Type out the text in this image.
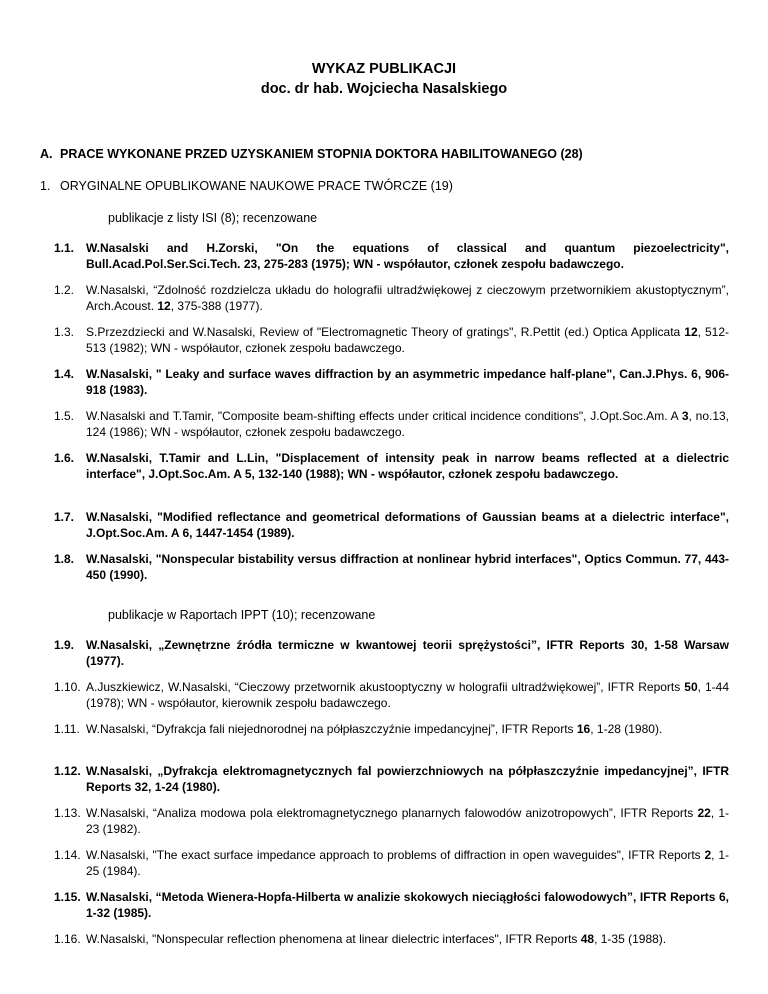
WYKAZ PUBLIKACJI
doc. dr hab. Wojciecha Nasalskiego
A. PRACE WYKONANE PRZED UZYSKANIEM STOPNIA DOKTORA HABILITOWANEGO (28)
1. ORYGINALNE OPUBLIKOWANE NAUKOWE PRACE TWÓRCZE (19)
publikacje z listy ISI (8); recenzowane
1.1. W.Nasalski and H.Zorski, "On the equations of classical and quantum piezoelectricity", Bull.Acad.Pol.Ser.Sci.Tech. 23, 275-283 (1975); WN - współautor, członek zespołu badawczego.
1.2. W.Nasalski, “Zdolność rozdzielcza układu do holografii ultradźwiękowej z cieczowym przetwornikiem akustoptycznym”, Arch.Acoust. 12, 375-388 (1977).
1.3. S.Przezdziecki and W.Nasalski, Review of "Electromagnetic Theory of gratings", R.Pettit (ed.) Optica Applicata 12, 512-513 (1982); WN - współautor, członek zespołu badawczego.
1.4. W.Nasalski, " Leaky and surface waves diffraction by an asymmetric impedance half-plane", Can.J.Phys. 6, 906-918 (1983).
1.5. W.Nasalski and T.Tamir, "Composite beam-shifting effects under critical incidence conditions", J.Opt.Soc.Am. A 3, no.13, 124 (1986); WN - współautor, członek zespołu badawczego.
1.6. W.Nasalski, T.Tamir and L.Lin, "Displacement of intensity peak in narrow beams reflected at a dielectric interface", J.Opt.Soc.Am. A 5, 132-140 (1988); WN - współautor, członek zespołu badawczego.
1.7. W.Nasalski, "Modified reflectance and geometrical deformations of Gaussian beams at a dielectric interface", J.Opt.Soc.Am. A 6, 1447-1454 (1989).
1.8. W.Nasalski, "Nonspecular bistability versus diffraction at nonlinear hybrid interfaces", Optics Commun. 77, 443-450 (1990).
publikacje w Raportach IPPT (10); recenzowane
1.9. W.Nasalski, „Zewnętrzne źródła termiczne w kwantowej teorii sprężystości”, IFTR Reports 30, 1-58 Warsaw (1977).
1.10. A.Juszkiewicz, W.Nasalski, “Cieczowy przetwornik akustooptyczny w holografii ultradźwiękowej”, IFTR Reports 50, 1-44 (1978); WN - współautor, kierownik zespołu badawczego.
1.11. W.Nasalski, “Dyfrakcja fali niejednorodnej na półpłaszczyźnie impedancyjnej”, IFTR Reports 16, 1-28 (1980).
1.12. W.Nasalski, „Dyfrakcja elektromagnetycznych fal powierzchniowych na półpłaszczyźnie impedancyjnej”, IFTR Reports 32, 1-24 (1980).
1.13. W.Nasalski, “Analiza modowa pola elektromagnetycznego planarnych falowodów anizotropowych”, IFTR Reports 22, 1-23 (1982).
1.14. W.Nasalski, "The exact surface impedance approach to problems of diffraction in open waveguides", IFTR Reports 2, 1-25 (1984).
1.15. W.Nasalski, “Metoda Wienera-Hopfa-Hilberta w analizie skokowych nieciągłości falowodowych”, IFTR Reports 6, 1-32 (1985).
1.16. W.Nasalski, "Nonspecular reflection phenomena at linear dielectric interfaces", IFTR Reports 48, 1-35 (1988).
